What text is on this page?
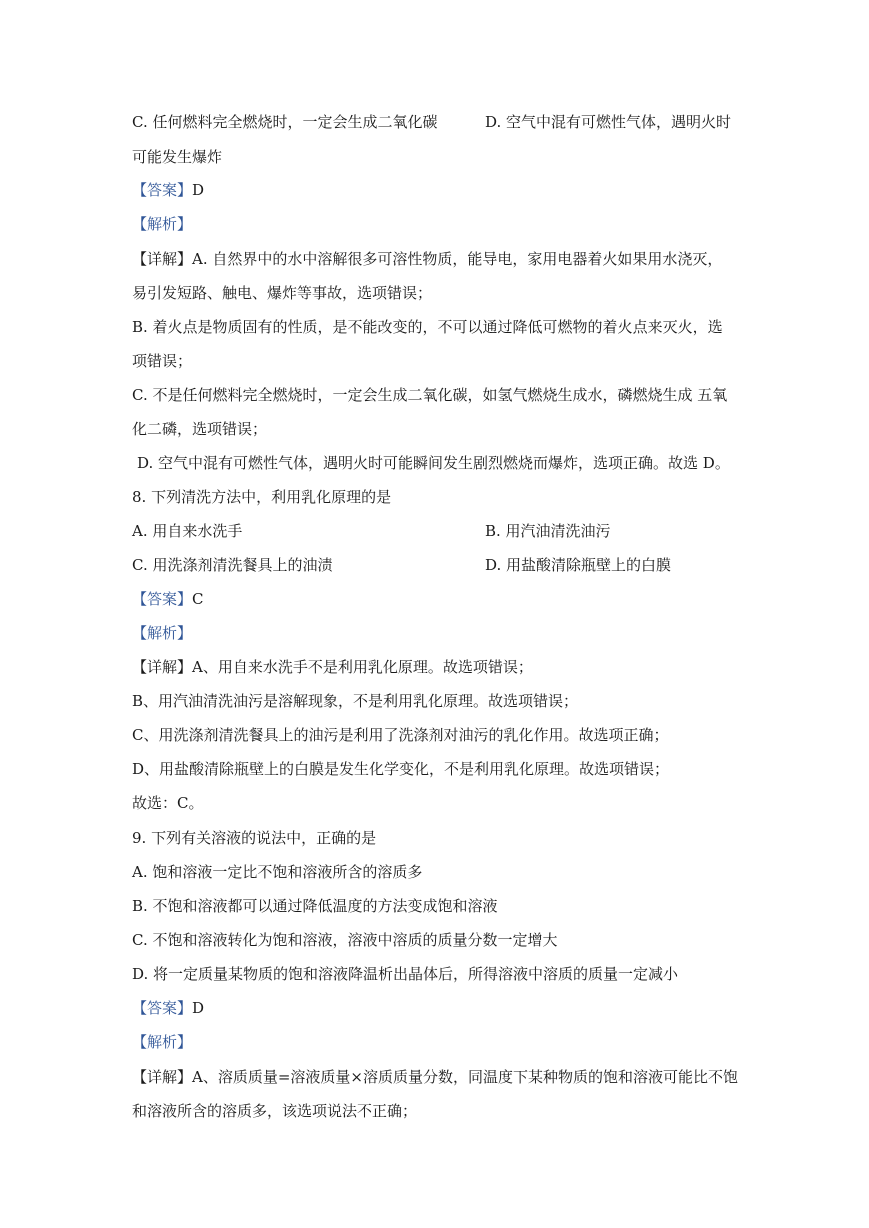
C. 任何燃料完全燃烧时，一定会生成二氧化碳	D. 空气中混有可燃性气体，遇明火时
可能发生爆炸
【答案】D
【解析】
【详解】A. 自然界中的水中溶解很多可溶性物质，能导电，家用电器着火如果用水浇灭，
易引发短路、触电、爆炸等事故，选项错误；
B. 着火点是物质固有的性质，是不能改变的，不可以通过降低可燃物的着火点来灭火，选
项错误；
C. 不是任何燃料完全燃烧时，一定会生成二氧化碳，如氢气燃烧生成水，磷燃烧生成 五氧
化二磷，选项错误；
D. 空气中混有可燃性气体，遇明火时可能瞬间发生剧烈燃烧而爆炸，选项正确。故选 D。
8. 下列清洗方法中，利用乳化原理的是
A. 用自来水洗手	B. 用汽油清洗油污
C. 用洗涤剂清洗餐具上的油渍	D. 用盐酸清除瓶壁上的白膜
【答案】C
【解析】
【详解】A、用自来水洗手不是利用乳化原理。故选项错误；
B、用汽油清洗油污是溶解现象，不是利用乳化原理。故选项错误；
C、用洗涤剂清洗餐具上的油污是利用了洗涤剂对油污的乳化作用。故选项正确；
D、用盐酸清除瓶壁上的白膜是发生化学变化，不是利用乳化原理。故选项错误；
故选：C。
9. 下列有关溶液的说法中，正确的是
A. 饱和溶液一定比不饱和溶液所含的溶质多
B. 不饱和溶液都可以通过降低温度的方法变成饱和溶液
C. 不饱和溶液转化为饱和溶液，溶液中溶质的质量分数一定增大
D. 将一定质量某物质的饱和溶液降温析出晶体后，所得溶液中溶质的质量一定减小
【答案】D
【解析】
【详解】A、溶质质量=溶液质量×溶质质量分数，同温度下某种物质的饱和溶液可能比不饱
和溶液所含的溶质多，该选项说法不正确；
